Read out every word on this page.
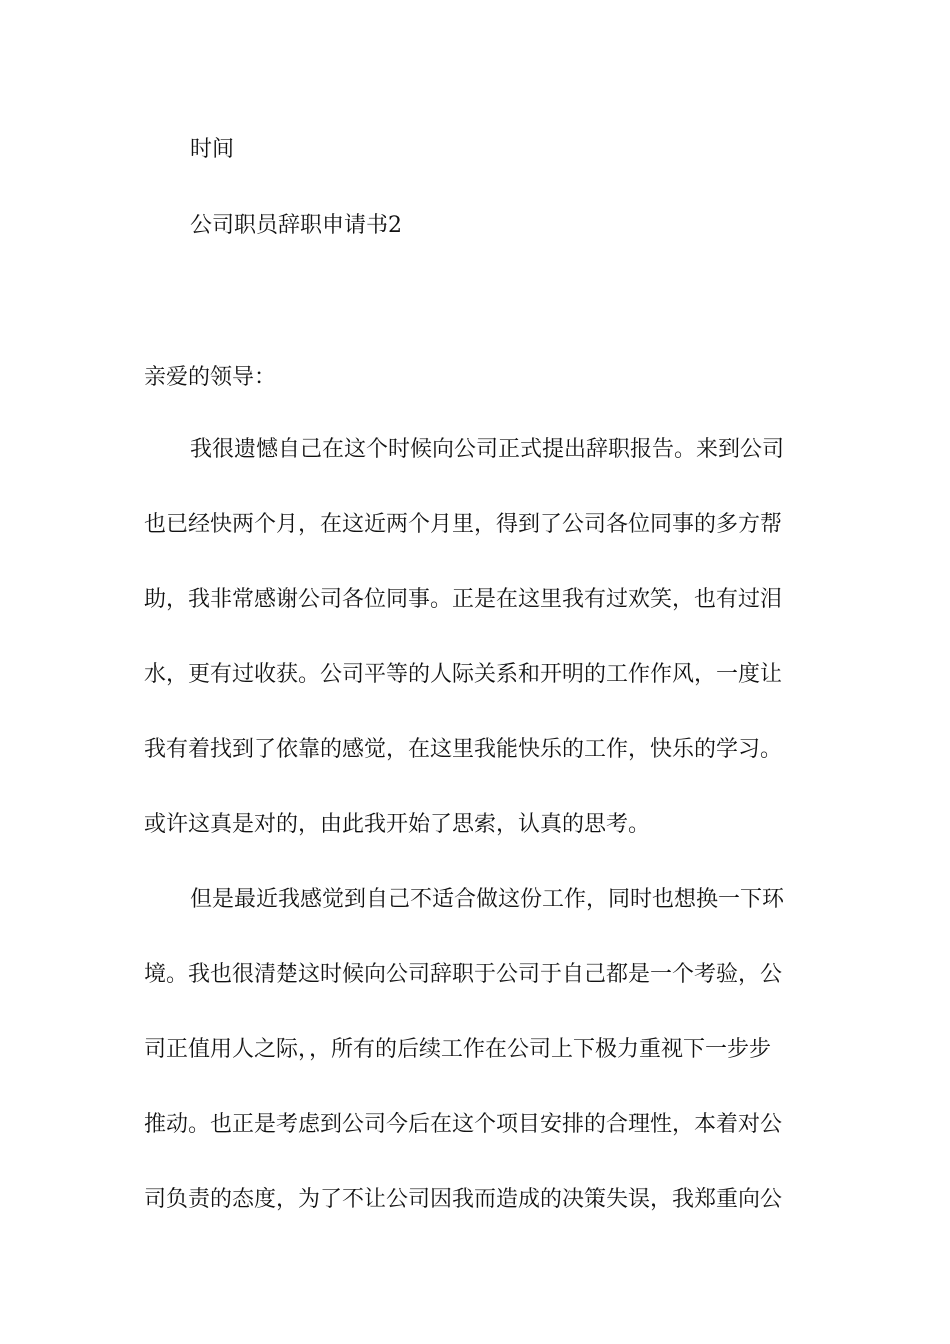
时间
公司职员辞职申请书2
亲爱的领导：
我很遗憾自己在这个时候向公司正式提出辞职报告。来到公司
也已经快两个月，在这近两个月里，得到了公司各位同事的多方帮
助，我非常感谢公司各位同事。正是在这里我有过欢笑，也有过泪
水，更有过收获。公司平等的人际关系和开明的工作作风，一度让
我有着找到了依靠的感觉，在这里我能快乐的工作，快乐的学习。
或许这真是对的，由此我开始了思索，认真的思考。
但是最近我感觉到自己不适合做这份工作，同时也想换一下环
境。我也很清楚这时候向公司辞职于公司于自己都是一个考验，公
司正值用人之际，，所有的后续工作在公司上下极力重视下一步步
推动。也正是考虑到公司今后在这个项目安排的合理性，本着对公
司负责的态度，为了不让公司因我而造成的决策失误，我郑重向公
